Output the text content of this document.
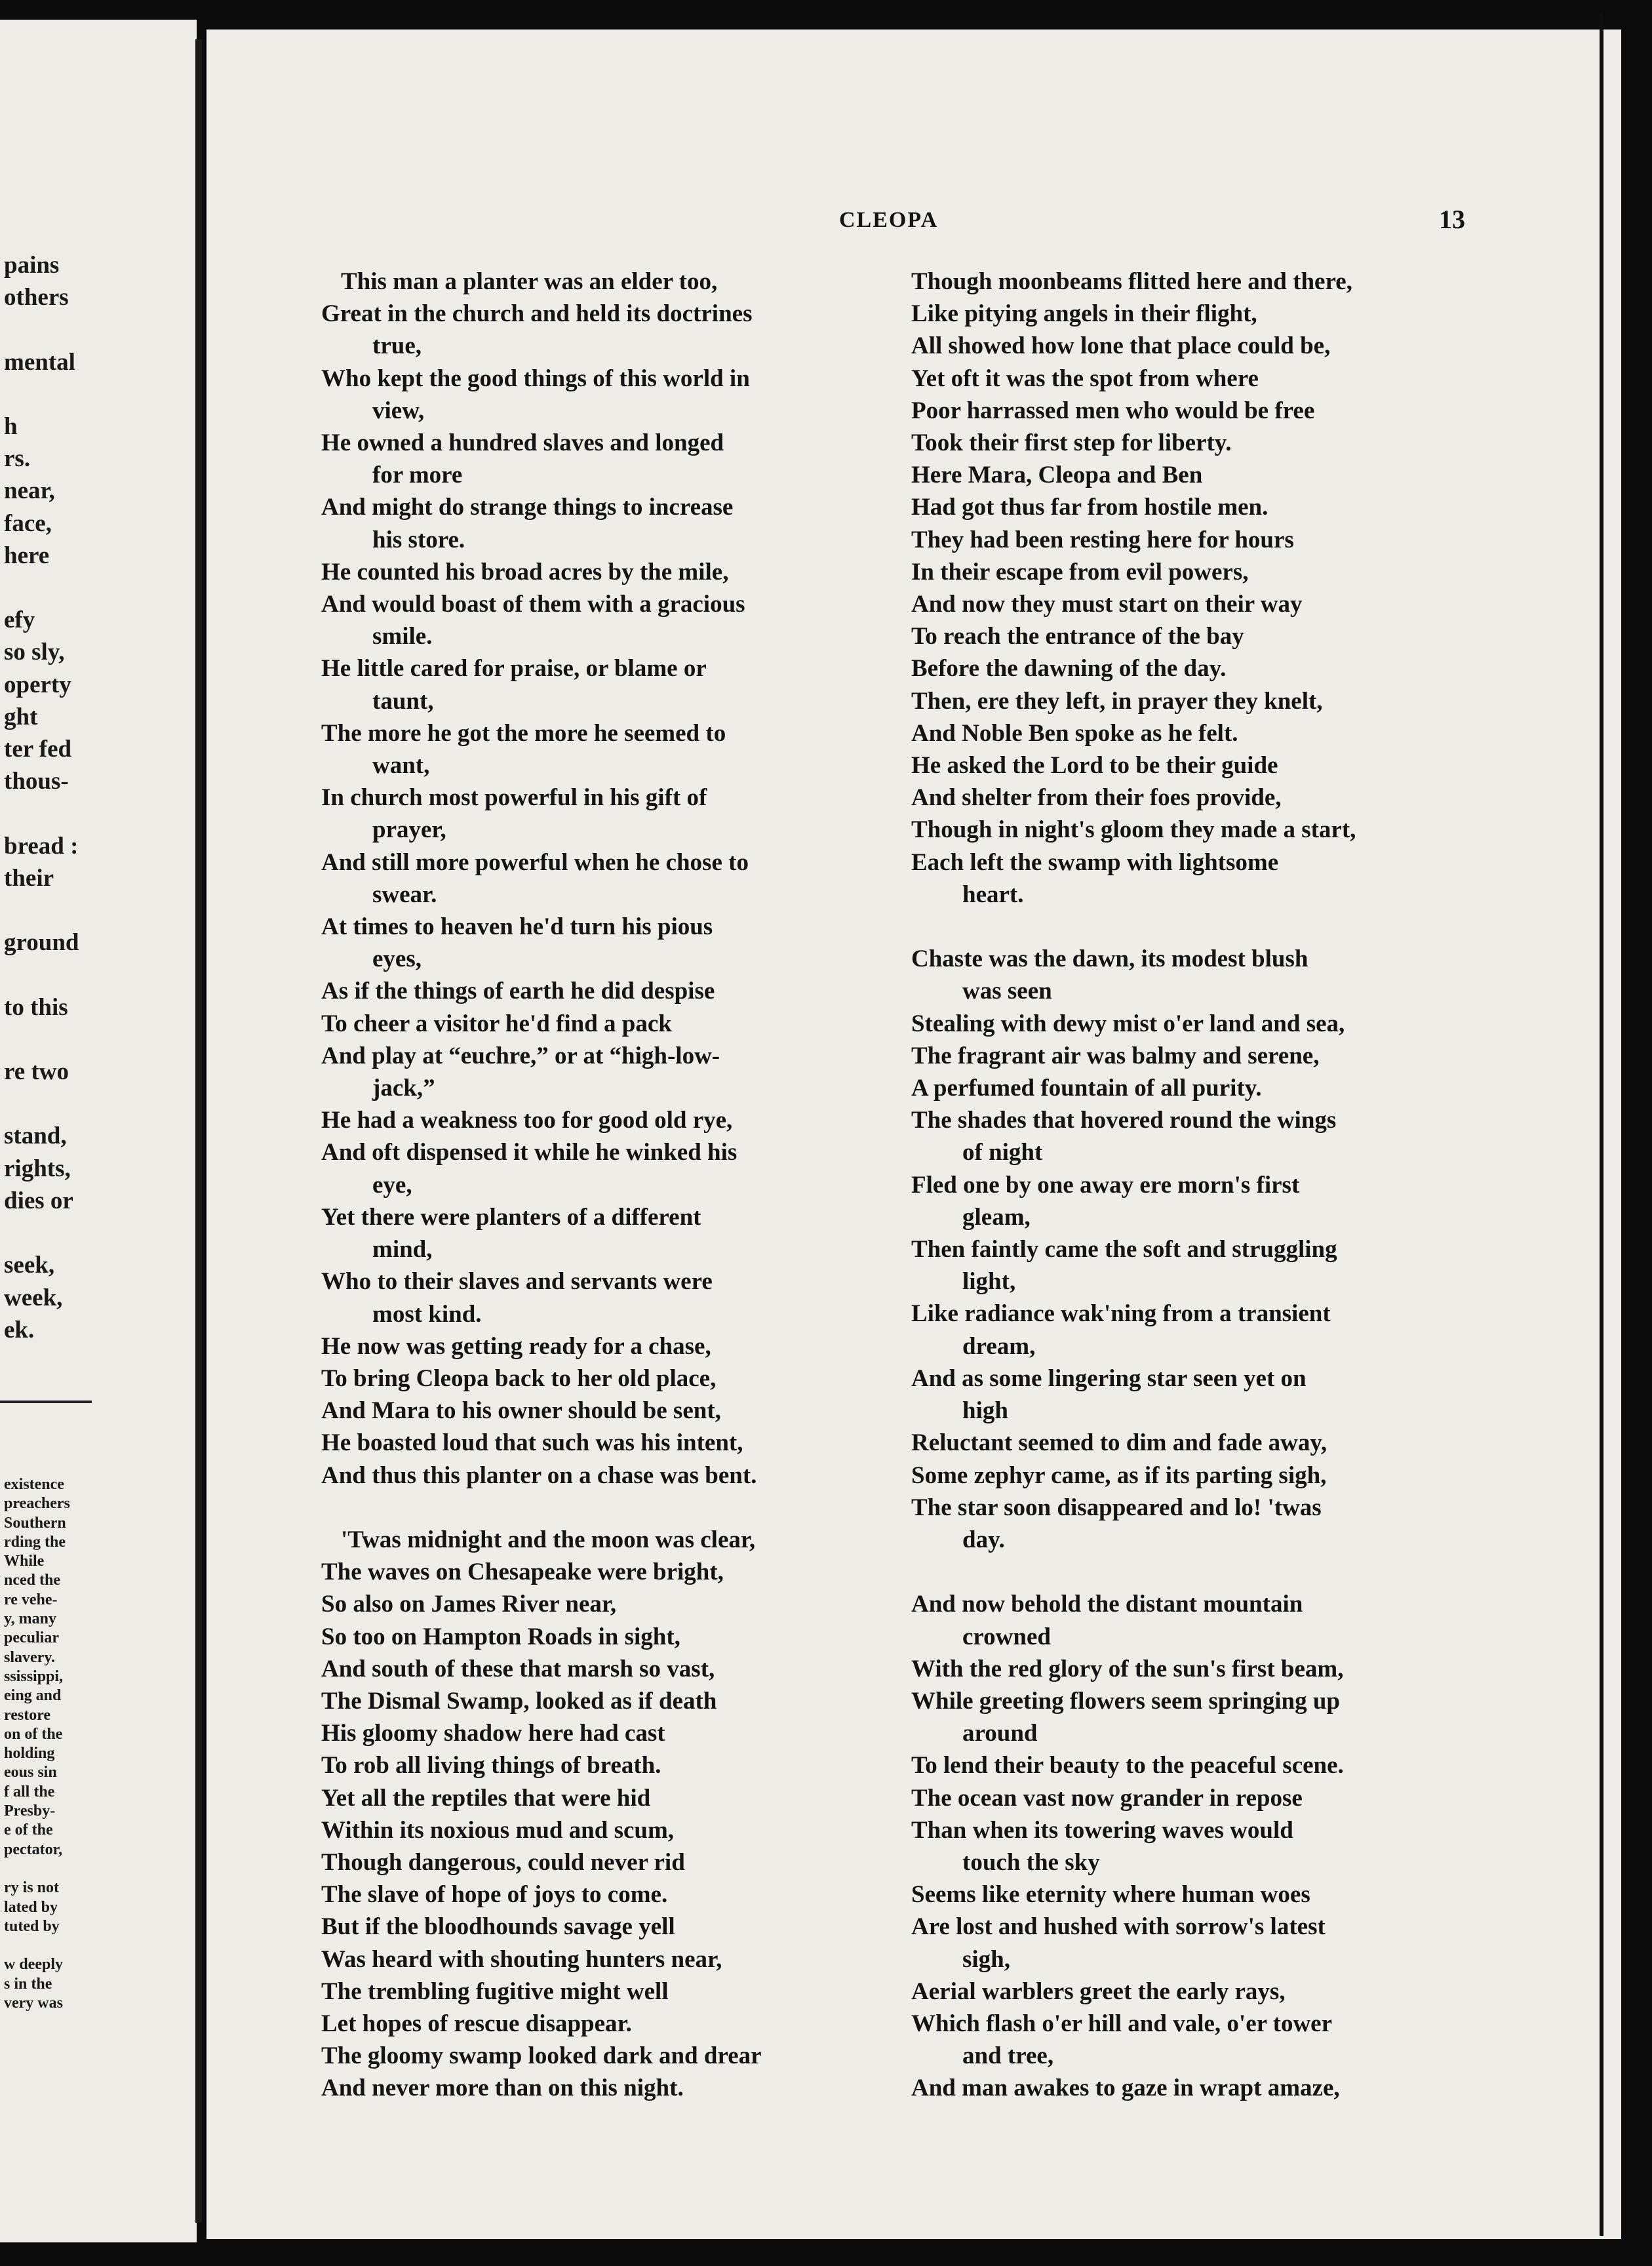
pains
others

mental

h
rs.
near,
face,
here

efy
so sly,
operty
ght
ter fed
thous-

bread :
their

ground

to this

re two

stand,
rights,
dies or

seek,
week,
ek.
existence
preachers
Southern
rding the
While
nced the
re vehe-
y, many
peculiar
slavery.
ssissippi,
eing and
restore
on of the
holding
eous sin
f all the
Presby-
e of the
pectator,

ry is not
lated by
tuted by

w deeply
s in the
very was
CLEOPA	13
This man a planter was an elder too,
Great in the church and held its doctrines
true,
Who kept the good things of this world in
view,
He owned a hundred slaves and longed
for more
And might do strange things to increase
his store.
He counted his broad acres by the mile,
And would boast of them with a gracious
smile.
He little cared for praise, or blame or
taunt,
The more he got the more he seemed to
want,
In church most powerful in his gift of
prayer,
And still more powerful when he chose to
swear.
At times to heaven he'd turn his pious
eyes,
As if the things of earth he did despise
To cheer a visitor he'd find a pack
And play at “euchre,” or at “high-low-
jack,”
He had a weakness too for good old rye,
And oft dispensed it while he winked his
eye,
Yet there were planters of a different
mind,
Who to their slaves and servants were
most kind.
He now was getting ready for a chase,
To bring Cleopa back to her old place,
And Mara to his owner should be sent,
He boasted loud that such was his intent,
And thus this planter on a chase was bent.
'Twas midnight and the moon was clear,
The waves on Chesapeake were bright,
So also on James River near,
So too on Hampton Roads in sight,
And south of these that marsh so vast,
The Dismal Swamp, looked as if death
His gloomy shadow here had cast
To rob all living things of breath.
Yet all the reptiles that were hid
Within its noxious mud and scum,
Though dangerous, could never rid
The slave of hope of joys to come.
But if the bloodhounds savage yell
Was heard with shouting hunters near,
The trembling fugitive might well
Let hopes of rescue disappear.
The gloomy swamp looked dark and drear
And never more than on this night.
Though moonbeams flitted here and there,
Like pitying angels in their flight,
All showed how lone that place could be,
Yet oft it was the spot from where
Poor harrassed men who would be free
Took their first step for liberty.
Here Mara, Cleopa and Ben
Had got thus far from hostile men.
They had been resting here for hours
In their escape from evil powers,
And now they must start on their way
To reach the entrance of the bay
Before the dawning of the day.
Then, ere they left, in prayer they knelt,
And Noble Ben spoke as he felt.
He asked the Lord to be their guide
And shelter from their foes provide,
Though in night's gloom they made a start,
Each left the swamp with lightsome
heart.
Chaste was the dawn, its modest blush
was seen
Stealing with dewy mist o'er land and sea,
The fragrant air was balmy and serene,
A perfumed fountain of all purity.
The shades that hovered round the wings
of night
Fled one by one away ere morn's first
gleam,
Then faintly came the soft and struggling
light,
Like radiance wak'ning from a transient
dream,
And as some lingering star seen yet on
high
Reluctant seemed to dim and fade away,
Some zephyr came, as if its parting sigh,
The star soon disappeared and lo! 'twas
day.
And now behold the distant mountain
crowned
With the red glory of the sun's first beam,
While greeting flowers seem springing up
around
To lend their beauty to the peaceful scene.
The ocean vast now grander in repose
Than when its towering waves would
touch the sky
Seems like eternity where human woes
Are lost and hushed with sorrow's latest
sigh,
Aerial warblers greet the early rays,
Which flash o'er hill and vale, o'er tower
and tree,
And man awakes to gaze in wrapt amaze,
